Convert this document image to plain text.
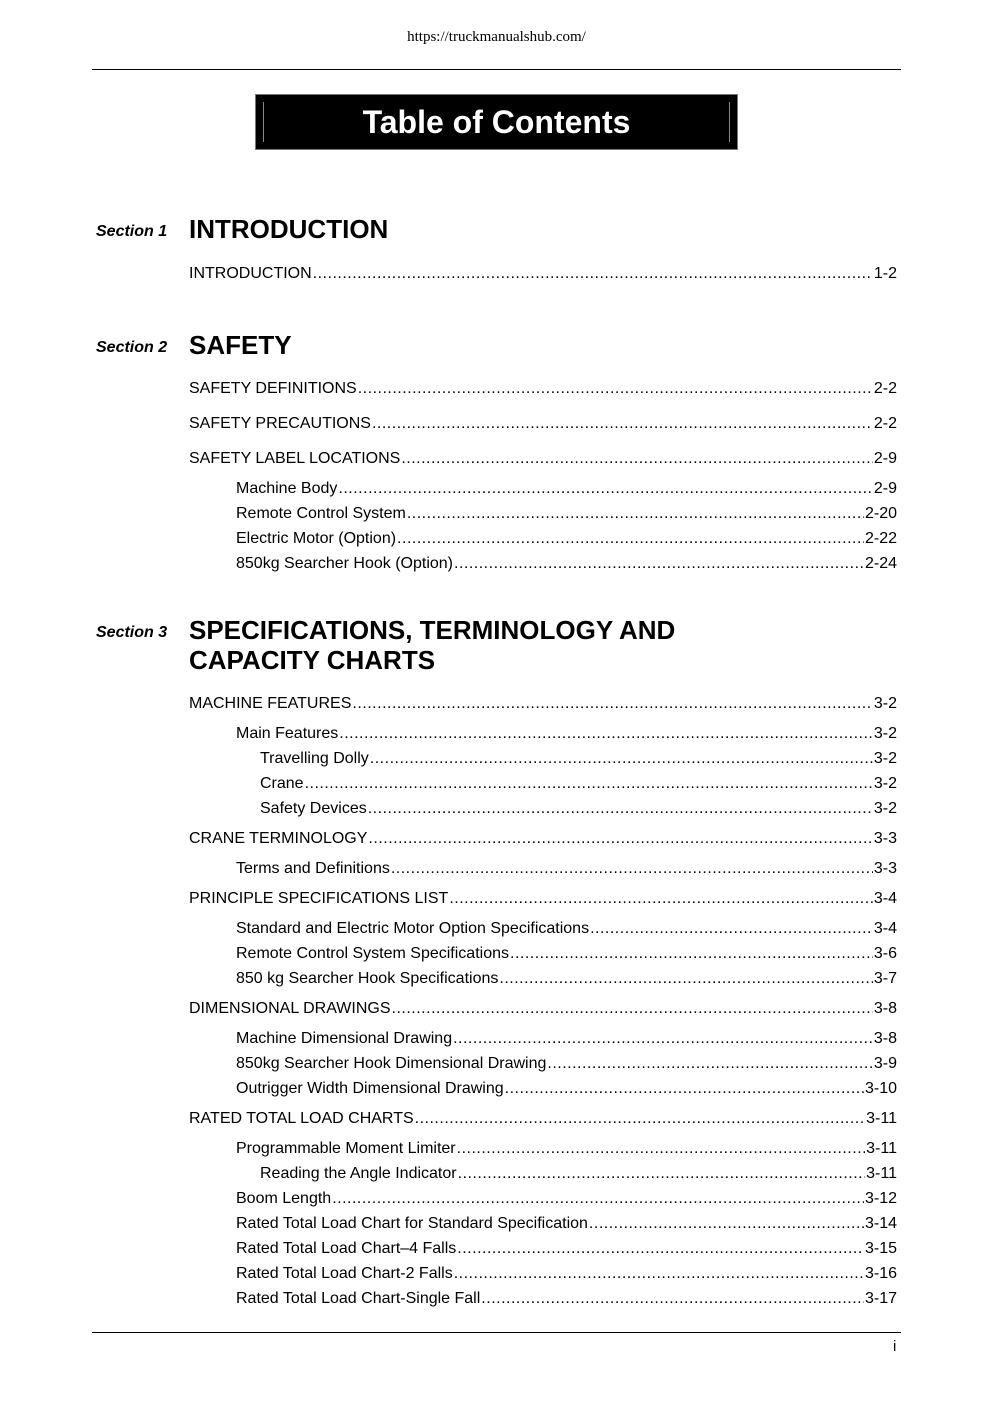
https://truckmanualshub.com/
Table of Contents
Section 1 INTRODUCTION
INTRODUCTION .....	1-2
Section 2 SAFETY
SAFETY DEFINITIONS .....	2-2
SAFETY PRECAUTIONS .....	2-2
SAFETY LABEL LOCATIONS .....	2-9
Machine Body .....	2-9
Remote Control System .....	2-20
Electric Motor (Option) .....	2-22
850kg Searcher Hook (Option) .....	2-24
Section 3 SPECIFICATIONS, TERMINOLOGY AND
CAPACITY CHARTS
MACHINE FEATURES .....	3-2
Main Features .....	3-2
Travelling Dolly .....	3-2
Crane .....	3-2
Safety Devices .....	3-2
CRANE TERMINOLOGY .....	3-3
Terms and Definitions .....	3-3
PRINCIPLE SPECIFICATIONS LIST .....	3-4
Standard and Electric Motor Option Specifications .....	3-4
Remote Control System Specifications .....	3-6
850 kg Searcher Hook Specifications .....	3-7
DIMENSIONAL DRAWINGS .....	3-8
Machine Dimensional Drawing .....	3-8
850kg Searcher Hook Dimensional Drawing .....	3-9
Outrigger Width Dimensional Drawing .....	3-10
RATED TOTAL LOAD CHARTS .....	3-11
Programmable Moment Limiter .....	3-11
Reading the Angle Indicator .....	3-11
Boom Length .....	3-12
Rated Total Load Chart for Standard Specification .....	3-14
Rated Total Load Chart–4 Falls .....	3-15
Rated Total Load Chart-2 Falls .....	3-16
Rated Total Load Chart-Single Fall .....	3-17
i
